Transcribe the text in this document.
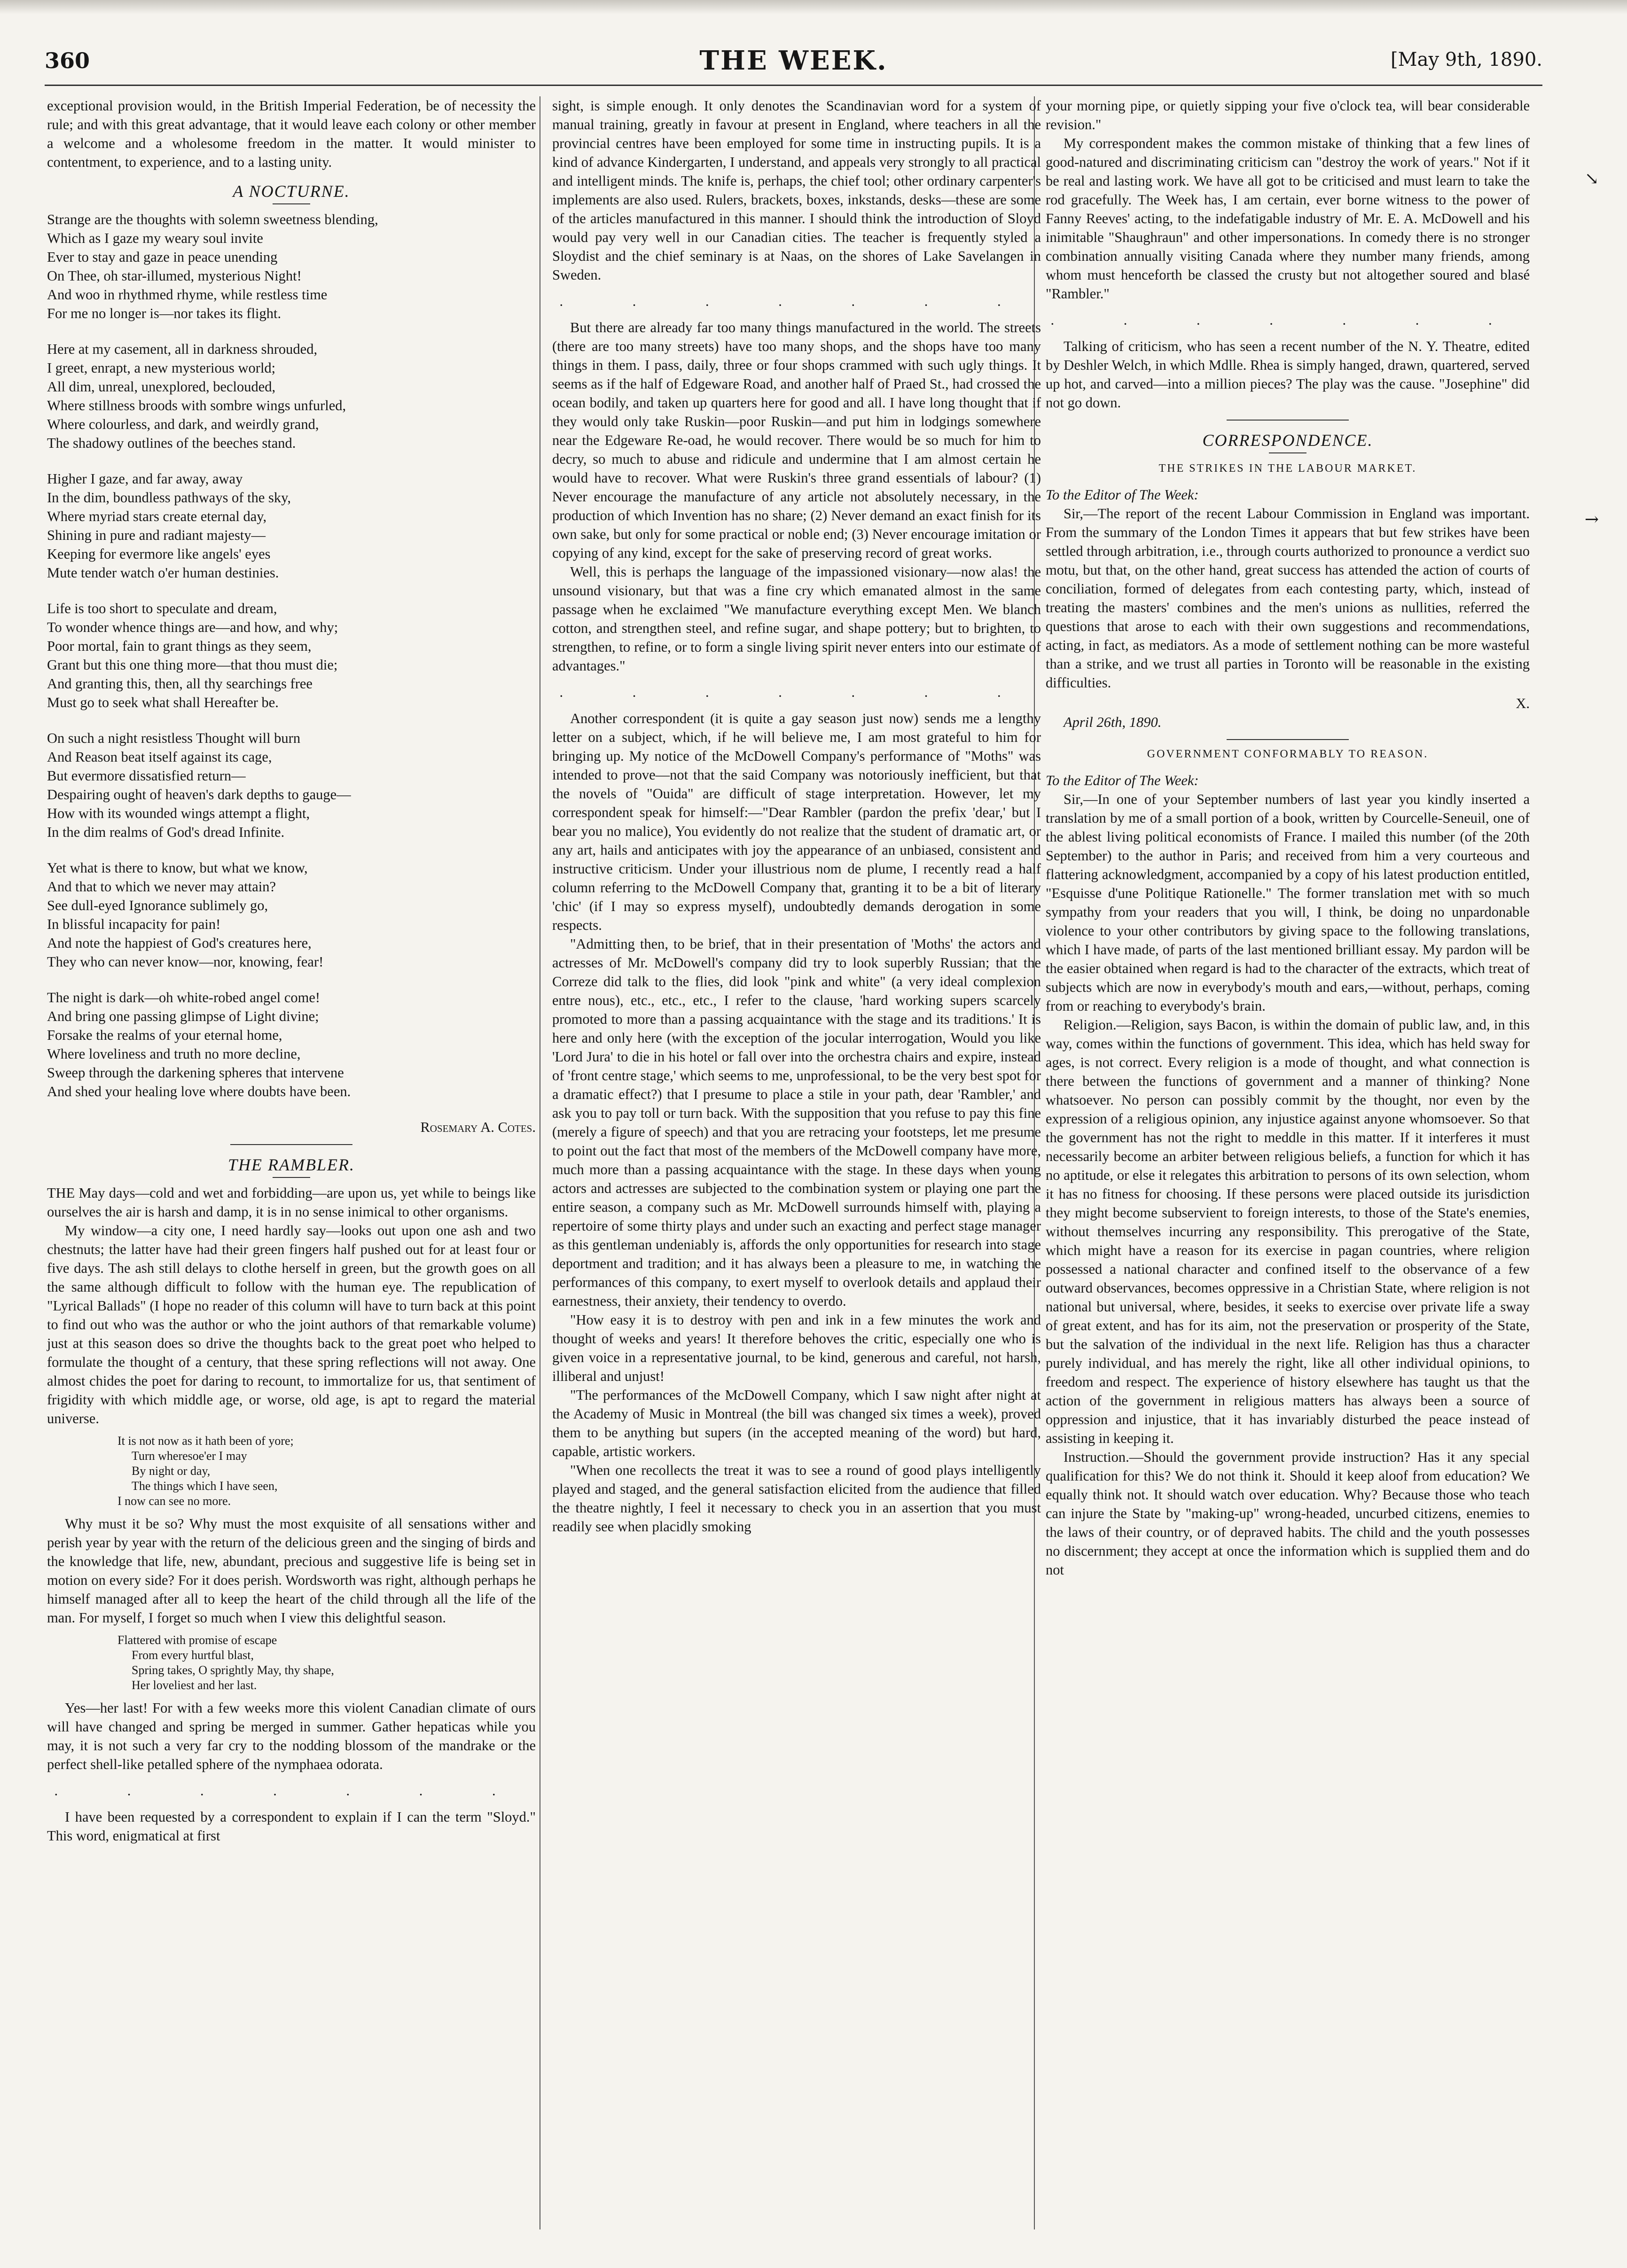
360	THE WEEK.	[May 9th, 1890.

exceptional provision would, in the British Imperial Federation, be of necessity the rule; and with this great advantage, that it would leave each colony or other member a welcome and a wholesome freedom in the matter. It would minister to contentment, to experience, and to a lasting unity.

A NOCTURNE.

Strange are the thoughts with solemn sweetness blending,

Which as I gaze my weary soul invite

Ever to stay and gaze in peace unending

On Thee, oh star-illumed, mysterious Night!

And woo in rhythmed rhyme, while restless time

For me no longer is—nor takes its flight.

Here at my casement, all in darkness shrouded,

I greet, enrapt, a new mysterious world;

All dim, unreal, unexplored, beclouded,

Where stillness broods with sombre wings unfurled,

Where colourless, and dark, and weirdly grand,

The shadowy outlines of the beeches stand.

Higher I gaze, and far away, away

In the dim, boundless pathways of the sky,

Where myriad stars create eternal day,

Shining in pure and radiant majesty—

Keeping for evermore like angels' eyes

Mute tender watch o'er human destinies.

Life is too short to speculate and dream,

To wonder whence things are—and how, and why;

Poor mortal, fain to grant things as they seem,

Grant but this one thing more—that thou must die;

And granting this, then, all thy searchings free

Must go to seek what shall Hereafter be.

On such a night resistless Thought will burn

And Reason beat itself against its cage,

But evermore dissatisfied return—

Despairing ought of heaven's dark depths to gauge—

How with its wounded wings attempt a flight,

In the dim realms of God's dread Infinite.

Yet what is there to know, but what we know,

And that to which we never may attain?

See dull-eyed Ignorance sublimely go,

In blissful incapacity for pain!

And note the happiest of God's creatures here,

They who can never know—nor, knowing, fear!

The night is dark—oh white-robed angel come!

And bring one passing glimpse of Light divine;

Forsake the realms of your eternal home,

Where loveliness and truth no more decline,

Sweep through the darkening spheres that intervene

And shed your healing love where doubts have been.

Rosemary A. Cotes.

THE RAMBLER.

THE May days—cold and wet and forbidding—are upon us, yet while to beings like ourselves the air is harsh and damp, it is in no sense inimical to other organisms.

My window—a city one, I need hardly say—looks out upon one ash and two chestnuts; the latter have had their green fingers half pushed out for at least four or five days. The ash still delays to clothe herself in green, but the growth goes on all the same although difficult to follow with the human eye. The republication of "Lyrical Ballads" (I hope no reader of this column will have to turn back at this point to find out who was the author or who the joint authors of that remarkable volume) just at this season does so drive the thoughts back to the great poet who helped to formulate the thought of a century, that these spring reflections will not away. One almost chides the poet for daring to recount, to immortalize for us, that sentiment of frigidity with which middle age, or worse, old age, is apt to regard the material universe.

It is not now as it hath been of yore;

Turn wheresoe'er I may

By night or day,

The things which I have seen,

I now can see no more.

Why must it be so? Why must the most exquisite of all sensations wither and perish year by year with the return of the delicious green and the singing of birds and the knowledge that life, new, abundant, precious and suggestive life is being set in motion on every side? For it does perish. Wordsworth was right, although perhaps he himself managed after all to keep the heart of the child through all the life of the man. For myself, I forget so much when I view this delightful season.

Flattered with promise of escape

From every hurtful blast,

Spring takes, O sprightly May, thy shape,

Her loveliest and her last.

Yes—her last! For with a few weeks more this violent Canadian climate of ours will have changed and spring be merged in summer. Gather hepaticas while you may, it is not such a very far cry to the nodding blossom of the mandrake or the perfect shell-like petalled sphere of the nymphaea odorata.

. . . . . . .

I have been requested by a correspondent to explain if I can the term "Sloyd." This word, enigmatical at first

sight, is simple enough. It only denotes the Scandinavian word for a system of manual training, greatly in favour at present in England, where teachers in all the provincial centres have been employed for some time in instructing pupils. It is a kind of advance Kindergarten, I understand, and appeals very strongly to all practical and intelligent minds. The knife is, perhaps, the chief tool; other ordinary carpenter's implements are also used. Rulers, brackets, boxes, inkstands, desks—these are some of the articles manufactured in this manner. I should think the introduction of Sloyd would pay very well in our Canadian cities. The teacher is frequently styled a Sloydist and the chief seminary is at Naas, on the shores of Lake Savelangen in Sweden.

. . . . . . .

But there are already far too many things manufactured in the world. The streets (there are too many streets) have too many shops, and the shops have too many things in them. I pass, daily, three or four shops crammed with such ugly things. It seems as if the half of Edgeware Road, and another half of Praed St., had crossed the ocean bodily, and taken up quarters here for good and all. I have long thought that if they would only take Ruskin—poor Ruskin—and put him in lodgings somewhere near the Edgeware Re-oad, he would recover. There would be so much for him to decry, so much to abuse and ridicule and undermine that I am almost certain he would have to recover. What were Ruskin's three grand essentials of labour? (1) Never encourage the manufacture of any article not absolutely necessary, in the production of which Invention has no share; (2) Never demand an exact finish for its own sake, but only for some practical or noble end; (3) Never encourage imitation or copying of any kind, except for the sake of preserving record of great works.

Well, this is perhaps the language of the impassioned visionary—now alas! the unsound visionary, but that was a fine cry which emanated almost in the same passage when he exclaimed "We manufacture everything except Men. We blanch cotton, and strengthen steel, and refine sugar, and shape pottery; but to brighten, to strengthen, to refine, or to form a single living spirit never enters into our estimate of advantages."

. . . . . . .

Another correspondent (it is quite a gay season just now) sends me a lengthy letter on a subject, which, if he will believe me, I am most grateful to him for bringing up. My notice of the McDowell Company's performance of "Moths" was intended to prove—not that the said Company was notoriously inefficient, but that the novels of "Ouida" are difficult of stage interpretation. However, let my correspondent speak for himself:—"Dear Rambler (pardon the prefix 'dear,' but I bear you no malice), You evidently do not realize that the student of dramatic art, or any art, hails and anticipates with joy the appearance of an unbiased, consistent and instructive criticism. Under your illustrious nom de plume, I recently read a half column referring to the McDowell Company that, granting it to be a bit of literary 'chic' (if I may so express myself), undoubtedly demands derogation in some respects.

"Admitting then, to be brief, that in their presentation of 'Moths' the actors and actresses of Mr. McDowell's company did try to look superbly Russian; that the Correze did talk to the flies, did look "pink and white" (a very ideal complexion entre nous), etc., etc., etc., I refer to the clause, 'hard working supers scarcely promoted to more than a passing acquaintance with the stage and its traditions.' It is here and only here (with the exception of the jocular interrogation, Would you like 'Lord Jura' to die in his hotel or fall over into the orchestra chairs and expire, instead of 'front centre stage,' which seems to me, unprofessional, to be the very best spot for a dramatic effect?) that I presume to place a stile in your path, dear 'Rambler,' and ask you to pay toll or turn back. With the supposition that you refuse to pay this fine (merely a figure of speech) and that you are retracing your footsteps, let me presume to point out the fact that most of the members of the McDowell company have more, much more than a passing acquaintance with the stage. In these days when young actors and actresses are subjected to the combination system or playing one part the entire season, a company such as Mr. McDowell surrounds himself with, playing a repertoire of some thirty plays and under such an exacting and perfect stage manager as this gentleman undeniably is, affords the only opportunities for research into stage deportment and tradition; and it has always been a pleasure to me, in watching the performances of this company, to exert myself to overlook details and applaud their earnestness, their anxiety, their tendency to overdo.

"How easy it is to destroy with pen and ink in a few minutes the work and thought of weeks and years! It therefore behoves the critic, especially one who is given voice in a representative journal, to be kind, generous and careful, not harsh, illiberal and unjust!

"The performances of the McDowell Company, which I saw night after night at the Academy of Music in Montreal (the bill was changed six times a week), proved them to be anything but supers (in the accepted meaning of the word) but hard, capable, artistic workers.

"When one recollects the treat it was to see a round of good plays intelligently played and staged, and the general satisfaction elicited from the audience that filled the theatre nightly, I feel it necessary to check you in an assertion that you must readily see when placidly smoking

your morning pipe, or quietly sipping your five o'clock tea, will bear considerable revision."

My correspondent makes the common mistake of thinking that a few lines of good-natured and discriminating criticism can "destroy the work of years." Not if it be real and lasting work. We have all got to be criticised and must learn to take the rod gracefully. The Week has, I am certain, ever borne witness to the power of Fanny Reeves' acting, to the indefatigable industry of Mr. E. A. McDowell and his inimitable "Shaughraun" and other impersonations. In comedy there is no stronger combination annually visiting Canada where they number many friends, among whom must henceforth be classed the crusty but not altogether soured and blasé "Rambler."

. . . . . . .

Talking of criticism, who has seen a recent number of the N. Y. Theatre, edited by Deshler Welch, in which Mdlle. Rhea is simply hanged, drawn, quartered, served up hot, and carved—into a million pieces? The play was the cause. "Josephine" did not go down.

CORRESPONDENCE.

THE STRIKES IN THE LABOUR MARKET.

To the Editor of The Week:

Sir,—The report of the recent Labour Commission in England was important. From the summary of the London Times it appears that but few strikes have been settled through arbitration, i.e., through courts authorized to pronounce a verdict suo motu, but that, on the other hand, great success has attended the action of courts of conciliation, formed of delegates from each contesting party, which, instead of treating the masters' combines and the men's unions as nullities, referred the questions that arose to each with their own suggestions and recommendations, acting, in fact, as mediators. As a mode of settlement nothing can be more wasteful than a strike, and we trust all parties in Toronto will be reasonable in the existing difficulties.

X.

April 26th, 1890.

GOVERNMENT CONFORMABLY TO REASON.

To the Editor of The Week:

Sir,—In one of your September numbers of last year you kindly inserted a translation by me of a small portion of a book, written by Courcelle-Seneuil, one of the ablest living political economists of France. I mailed this number (of the 20th September) to the author in Paris; and received from him a very courteous and flattering acknowledgment, accompanied by a copy of his latest production entitled, "Esquisse d'une Politique Rationelle." The former translation met with so much sympathy from your readers that you will, I think, be doing no unpardonable violence to your other contributors by giving space to the following translations, which I have made, of parts of the last mentioned brilliant essay. My pardon will be the easier obtained when regard is had to the character of the extracts, which treat of subjects which are now in everybody's mouth and ears,—without, perhaps, coming from or reaching to everybody's brain.

Religion.—Religion, says Bacon, is within the domain of public law, and, in this way, comes within the functions of government. This idea, which has held sway for ages, is not correct. Every religion is a mode of thought, and what connection is there between the functions of government and a manner of thinking? None whatsoever. No person can possibly commit by the thought, nor even by the expression of a religious opinion, any injustice against anyone whomsoever. So that the government has not the right to meddle in this matter. If it interferes it must necessarily become an arbiter between religious beliefs, a function for which it has no aptitude, or else it relegates this arbitration to persons of its own selection, whom it has no fitness for choosing. If these persons were placed outside its jurisdiction they might become subservient to foreign interests, to those of the State's enemies, without themselves incurring any responsibility. This prerogative of the State, which might have a reason for its exercise in pagan countries, where religion possessed a national character and confined itself to the observance of a few outward observances, becomes oppressive in a Christian State, where religion is not national but universal, where, besides, it seeks to exercise over private life a sway of great extent, and has for its aim, not the preservation or prosperity of the State, but the salvation of the individual in the next life. Religion has thus a character purely individual, and has merely the right, like all other individual opinions, to freedom and respect. The experience of history elsewhere has taught us that the action of the government in religious matters has always been a source of oppression and injustice, that it has invariably disturbed the peace instead of assisting in keeping it.

Instruction.—Should the government provide instruction? Has it any special qualification for this? We do not think it. Should it keep aloof from education? We equally think not. It should watch over education. Why? Because those who teach can injure the State by "making-up" wrong-headed, uncurbed citizens, enemies to the laws of their country, or of depraved habits. The child and the youth possesses no discernment; they accept at once the information which is supplied them and do not

↘
→
